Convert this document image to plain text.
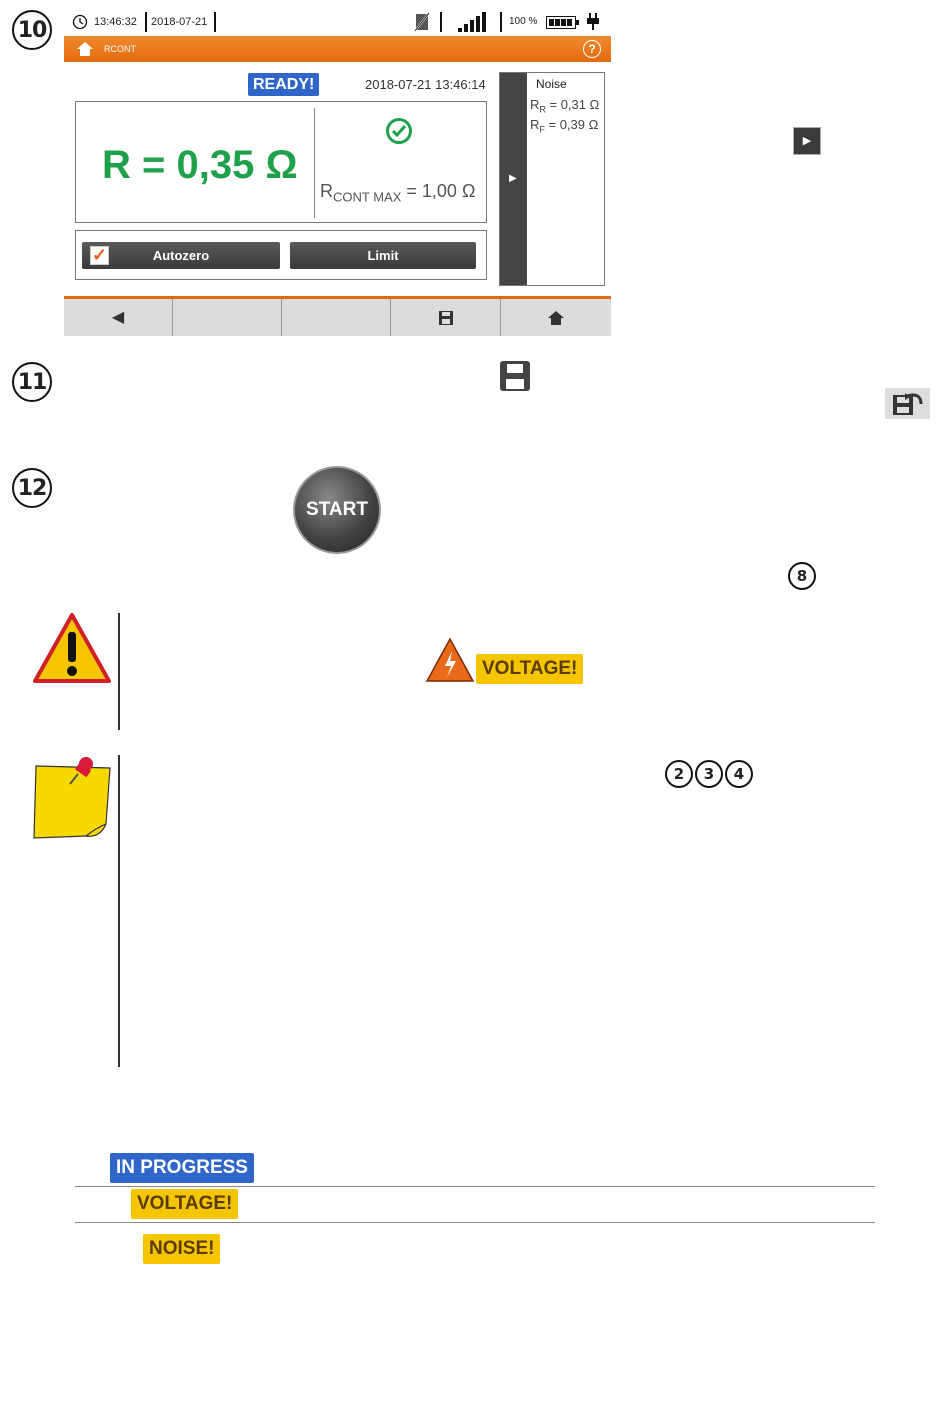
10
11
12
13:46:32 2018-07-21	100 %
RCONT	?
READY!	2018-07-21 13:46:14
R = 0,35 Ω
$R_{CONT MAX} = 1,00$ Ω
✓	Autozero	Limit
▶
Noise
$R_R = 0,31$ Ω
$R_F = 0,39$ Ω
◀
▶
START
8
VOLTAGE!
2	3	4
IN PROGRESS
VOLTAGE!
NOISE!
